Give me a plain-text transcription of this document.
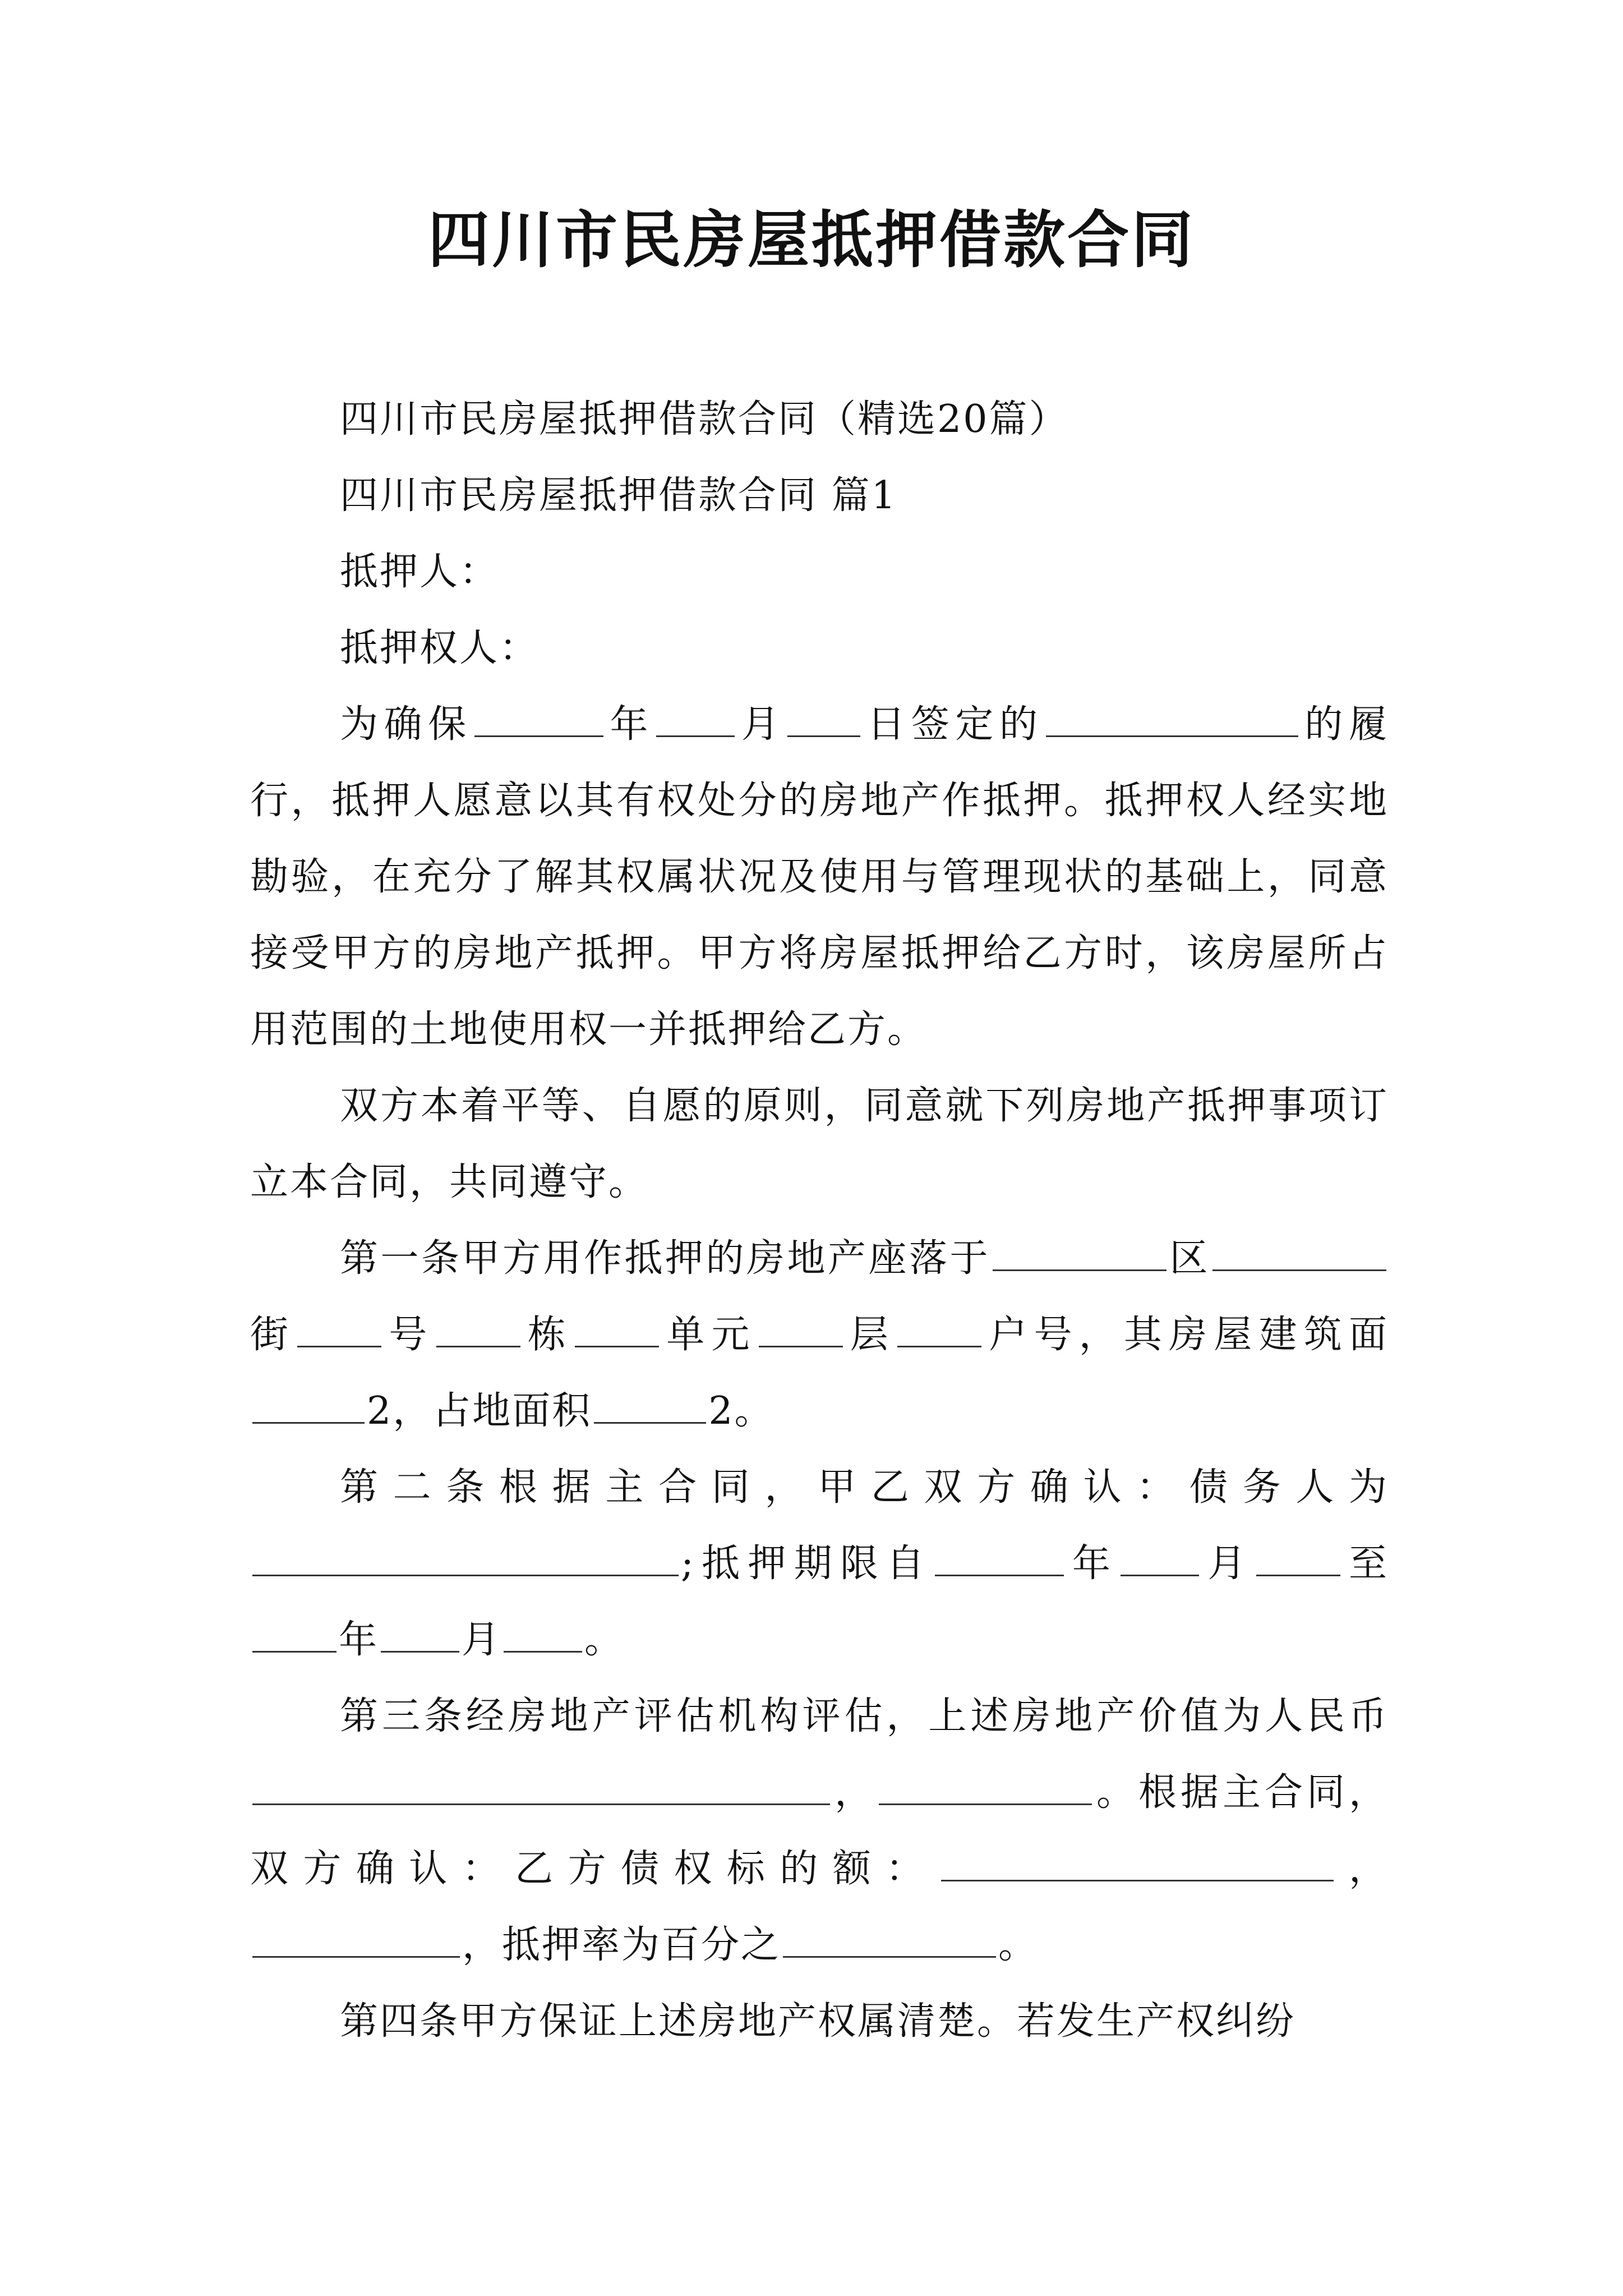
四川市民房屋抵押借款合同

四川市民房屋抵押借款合同（精选20篇）

四川市民房屋抵押借款合同 篇1

抵押人：

抵押权人：

为确保	年 月 日签定的	的履行，抵押人愿意以其有权处分的房地产作抵押。抵押权人经实地勘验，在充分了解其权属状况及使用与管理现状的基础上，同意接受甲方的房地产抵押。甲方将房屋抵押给乙方时，该房屋所占用范围的土地使用权一并抵押给乙方。

双方本着平等、自愿的原则，同意就下列房地产抵押事项订立本合同，共同遵守。

第一条甲方用作抵押的房地产座落于	区街 号 栋 单元 层 户号，其房屋建筑面2，占地面积	2。

第二条根据主合同，甲乙双方确认：债务人为;抵押期限自	年 月 至年 月 。

第三条经房地产评估机构评估，上述房地产价值为人民币，	。根据主合同，双方确认：乙方债权标的额：	，，抵押率为百分之	。

第四条甲方保证上述房地产权属清楚。若发生产权纠纷
